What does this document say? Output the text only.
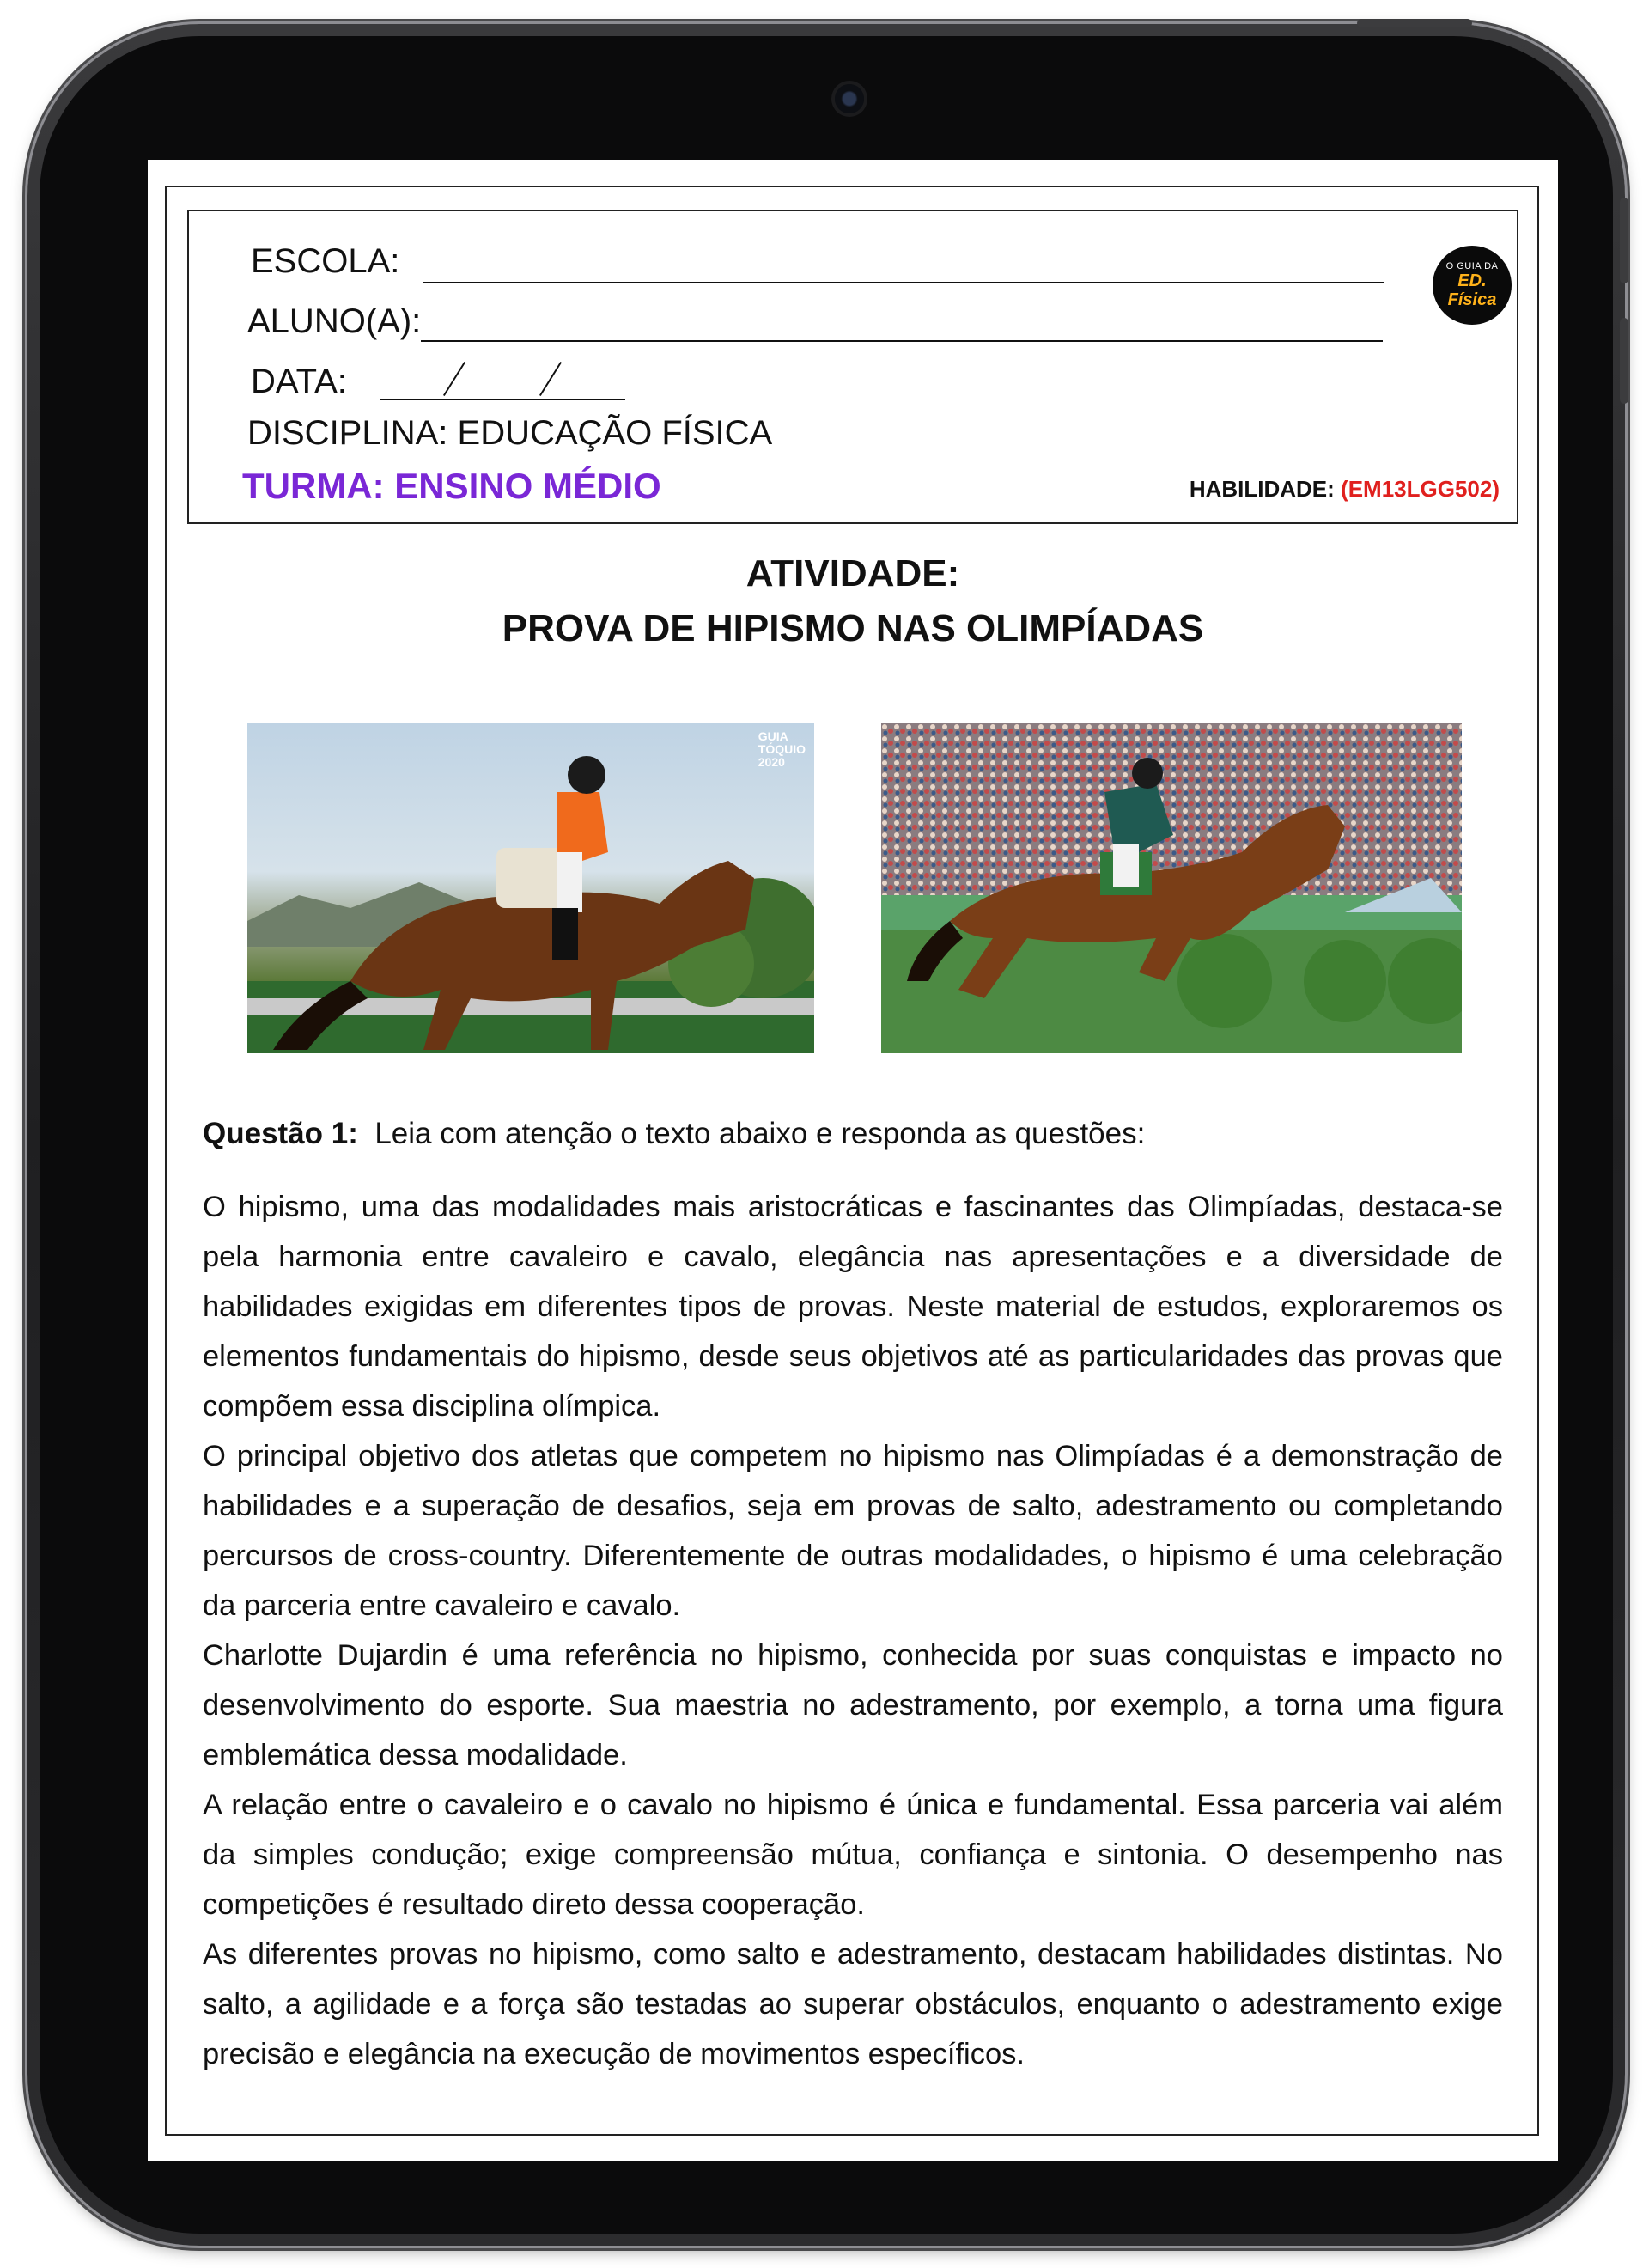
ESCOLA:
ALUNO(A):
DATA:
DISCIPLINA: EDUCAÇÃO FÍSICA
TURMA: ENSINO MÉDIO	HABILIDADE: (EM13LGG502)
O GUIA DA
ED. Física
ATIVIDADE:
PROVA DE HIPISMO NAS OLIMPÍADAS
GUIA
TÓQUIO
2020
Questão 1: Leia com atenção o texto abaixo e responda as questões:

O hipismo, uma das modalidades mais aristocráticas e fascinantes das Olimpíadas, destaca-se pela harmonia entre cavaleiro e cavalo, elegância nas apresentações e a diversidade de habilidades exigidas em diferentes tipos de provas. Neste material de estudos, exploraremos os elementos fundamentais do hipismo, desde seus objetivos até as particularidades das provas que compõem essa disciplina olímpica.

O principal objetivo dos atletas que competem no hipismo nas Olimpíadas é a demonstração de habilidades e a superação de desafios, seja em provas de salto, adestramento ou completando percursos de cross-country. Diferentemente de outras modalidades, o hipismo é uma celebração da parceria entre cavaleiro e cavalo.

Charlotte Dujardin é uma referência no hipismo, conhecida por suas conquistas e impacto no desenvolvimento do esporte. Sua maestria no adestramento, por exemplo, a torna uma figura emblemática dessa modalidade.

A relação entre o cavaleiro e o cavalo no hipismo é única e fundamental. Essa parceria vai além da simples condução; exige compreensão mútua, confiança e sintonia. O desempenho nas competições é resultado direto dessa cooperação.

As diferentes provas no hipismo, como salto e adestramento, destacam habilidades distintas. No salto, a agilidade e a força são testadas ao superar obstáculos, enquanto o adestramento exige precisão e elegância na execução de movimentos específicos.
